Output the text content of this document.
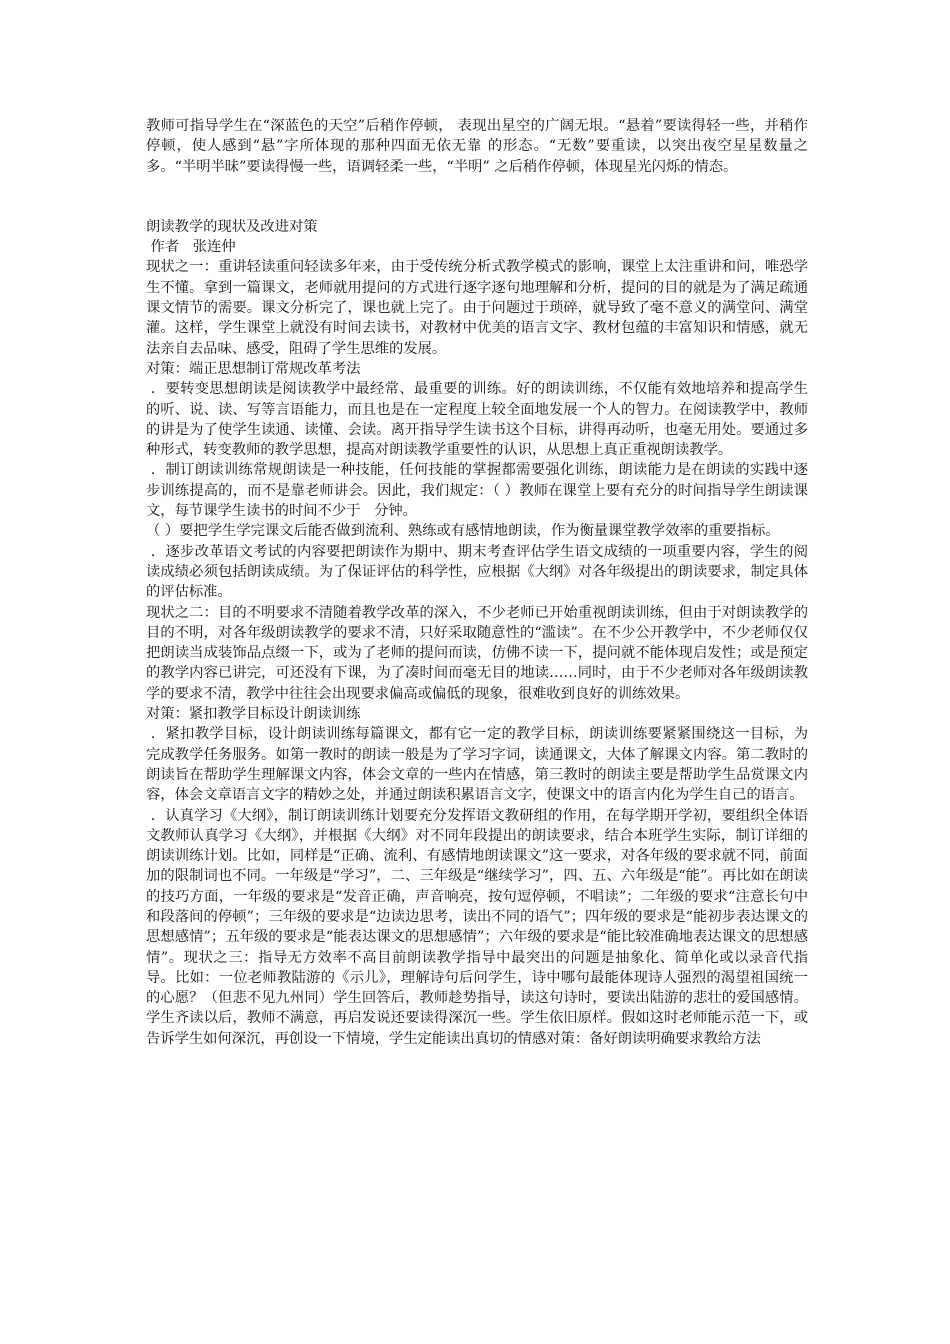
教师可指导学生在“深蓝色的天空”后稍作停顿， 表现出星空的广阔无垠。“悬着”要读得轻一些，并稍作停顿，使人感到“悬”字所体现的那种四面无依无靠 的形态。“无数”要重读，以突出夜空星星数量之多。“半明半昧”要读得慢一些，语调轻柔一些，“半明” 之后稍作停顿，体现星光闪烁的情态。

朗读教学的现状及改进对策

作者   张连仲

现状之一：重讲轻读重问轻读多年来，由于受传统分析式教学模式的影响，课堂上太注重讲和问，唯恐学生不懂。拿到一篇课文，老师就用提问的方式进行逐字逐句地理解和分析，提问的目的就是为了满足疏通课文情节的需要。课文分析完了，课也就上完了。由于问题过于琐碎，就导致了毫不意义的满堂问、满堂灌。这样，学生课堂上就没有时间去读书，对教材中优美的语言文字、教材包蕴的丰富知识和情感，就无法亲自去品味、感受，阻碍了学生思维的发展。

对策：端正思想制订常规改革考法

．要转变思想朗读是阅读教学中最经常、最重要的训练。好的朗读训练，不仅能有效地培养和提高学生的听、说、读、写等言语能力，而且也是在一定程度上较全面地发展一个人的智力。在阅读教学中，教师的讲是为了使学生读通、读懂、会读。离开指导学生读书这个目标，讲得再动听，也毫无用处。要通过多种形式，转变教师的教学思想，提高对朗读教学重要性的认识，从思想上真正重视朗读教学。

．制订朗读训练常规朗读是一种技能，任何技能的掌握都需要强化训练，朗读能力是在朗读的实践中逐步训练提高的，而不是靠老师讲会。因此，我们规定：（ ）教师在课堂上要有充分的时间指导学生朗读课文，每节课学生读书的时间不少于   分钟。

（ ）要把学生学完课文后能否做到流利、熟练或有感情地朗读，作为衡量课堂教学效率的重要指标。

．逐步改革语文考试的内容要把朗读作为期中、期末考查评估学生语文成绩的一项重要内容，学生的阅读成绩必须包括朗读成绩。为了保证评估的科学性，应根据《大纲》对各年级提出的朗读要求，制定具体的评估标准。

现状之二：目的不明要求不清随着教学改革的深入，不少老师已开始重视朗读训练，但由于对朗读教学的目的不明，对各年级朗读教学的要求不清，只好采取随意性的“滥读”。在不少公开教学中，不少老师仅仅把朗读当成装饰品点缀一下，或为了老师的提问而读，仿佛不读一下，提问就不能体现启发性；或是预定的教学内容已讲完，可还没有下课，为了凑时间而毫无目的地读……同时，由于不少老师对各年级朗读教学的要求不清，教学中往往会出现要求偏高或偏低的现象，很难收到良好的训练效果。

对策：紧扣教学目标设计朗读训练

．紧扣教学目标，设计朗读训练每篇课文，都有它一定的教学目标，朗读训练要紧紧围绕这一目标，为完成教学任务服务。如第一教时的朗读一般是为了学习字词，读通课文，大体了解课文内容。第二教时的朗读旨在帮助学生理解课文内容，体会文章的一些内在情感，第三教时的朗读主要是帮助学生品赏课文内容，体会文章语言文字的精妙之处，并通过朗读积累语言文字，使课文中的语言内化为学生自己的语言。

．认真学习《大纲》，制订朗读训练计划要充分发挥语文教研组的作用，在每学期开学初，要组织全体语文教师认真学习《大纲》，并根据《大纲》对不同年段提出的朗读要求，结合本班学生实际，制订详细的朗读训练计划。比如，同样是“正确、流利、有感情地朗读课文”这一要求，对各年级的要求就不同，前面加的限制词也不同。一年级是“学习”，二、三年级是“继续学习”，四、五、六年级是“能”。再比如在朗读的技巧方面，一年级的要求是“发音正确，声音响亮，按句逗停顿，不唱读”；二年级的要求“注意长句中和段落间的停顿”；三年级的要求是“边读边思考，读出不同的语气”；四年级的要求是“能初步表达课文的思想感情”；五年级的要求是“能表达课文的思想感情”；六年级的要求是“能比较准确地表达课文的思想感情”。现状之三：指导无方效率不高目前朗读教学指导中最突出的问题是抽象化、简单化或以录音代指导。比如：一位老师教陆游的《示儿》，理解诗句后问学生，诗中哪句最能体现诗人强烈的渴望祖国统一的心愿？（但悲不见九州同）学生回答后，教师趁势指导，读这句诗时，要读出陆游的悲壮的爱国感情。学生齐读以后，教师不满意，再启发说还要读得深沉一些。学生依旧原样。假如这时老师能示范一下，或告诉学生如何深沉，再创设一下情境，学生定能读出真切的情感对策：备好朗读明确要求教给方法
